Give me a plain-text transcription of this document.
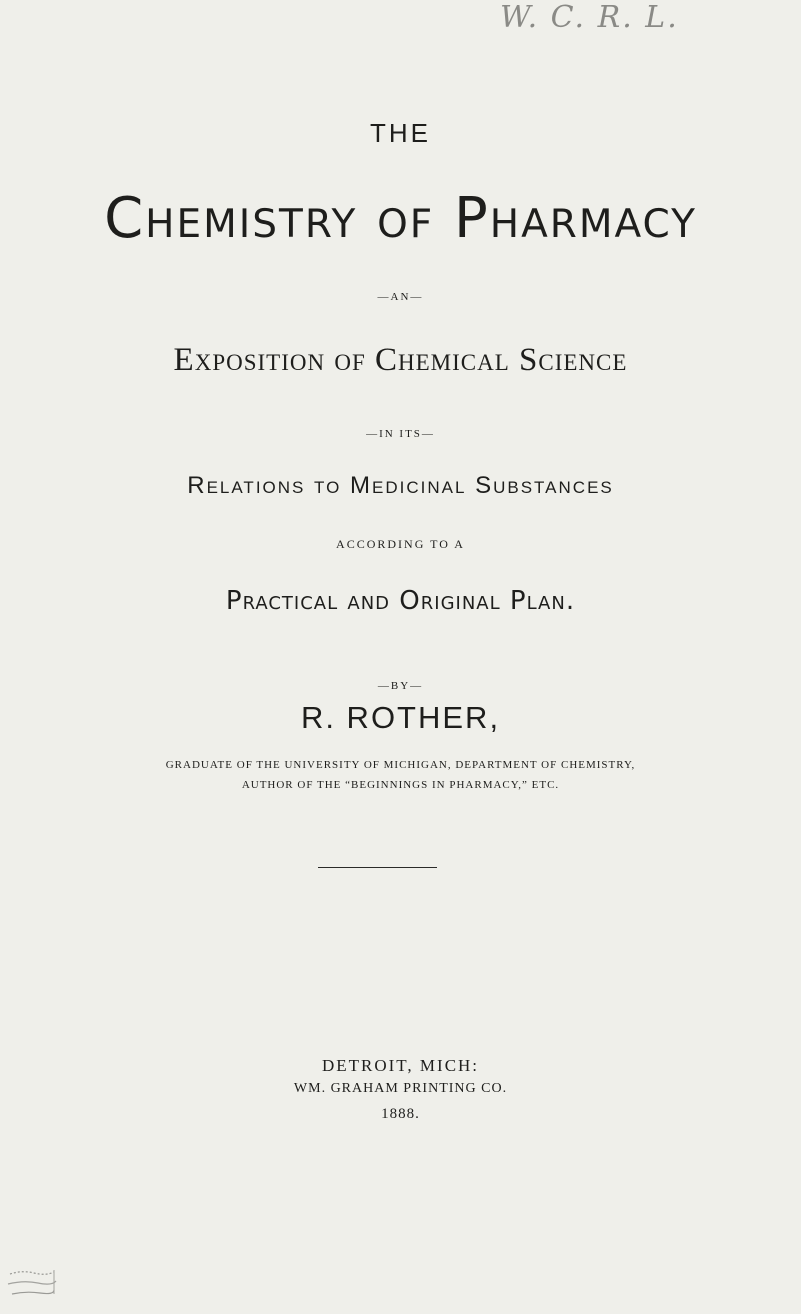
W. C. R. L.
THE
Chemistry of Pharmacy
—AN—
Exposition of Chemical Science
—IN ITS—
Relations to Medicinal Substances
ACCORDING TO A
Practical and Original Plan.
—BY—
R. ROTHER,
GRADUATE OF THE UNIVERSITY OF MICHIGAN, DEPARTMENT OF CHEMISTRY,
AUTHOR OF THE “BEGINNINGS IN PHARMACY,” ETC.
DETROIT, MICH:
WM. GRAHAM PRINTING CO.
1888.
